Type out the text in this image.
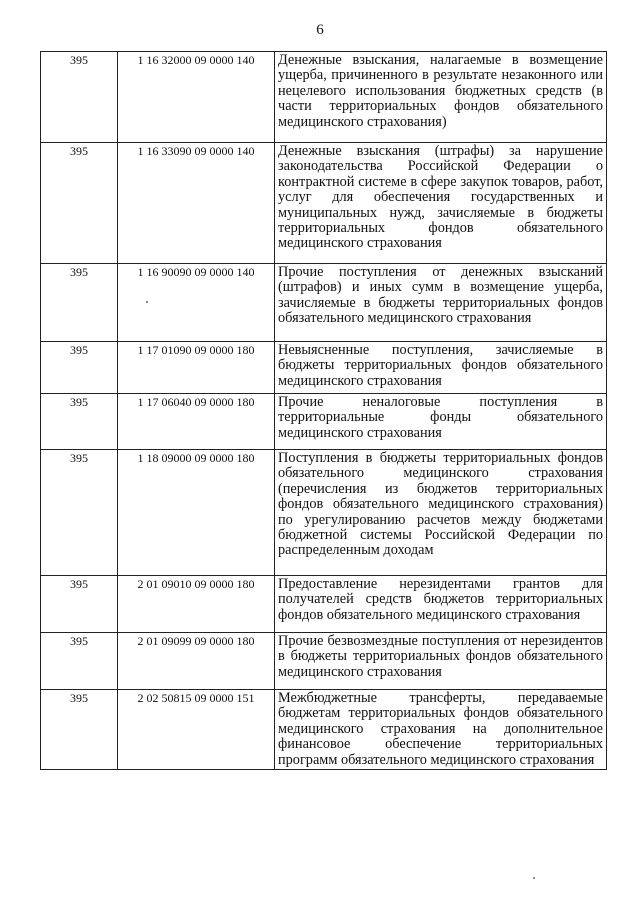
6
395	1 16 32000 09 0000 140	Денежные взыскания, налагаемые в возмещение ущерба, причиненного в результате незаконного или нецелевого использования бюджетных средств (в части территориальных фондов обязательного медицинского страхования)
395	1 16 33090 09 0000 140	Денежные взыскания (штрафы) за нарушение законодательства Российской Федерации о контрактной системе в сфере закупок товаров, работ, услуг для обеспечения государственных и муниципальных нужд, зачисляемые в бюджеты территориальных фондов обязательного медицинского страхования
395	1 16 90090 09 0000 140	Прочие поступления от денежных взысканий (штрафов) и иных сумм в возмещение ущерба, зачисляемые в бюджеты территориальных фондов обязательного медицинского страхования
395	1 17 01090 09 0000 180	Невыясненные поступления, зачисляемые в бюджеты территориальных фондов обязательного медицинского страхования
395	1 17 06040 09 0000 180	Прочие неналоговые поступления в территориальные фонды обязательного медицинского страхования
395	1 18 09000 09 0000 180	Поступления в бюджеты территориальных фондов обязательного медицинского страхования (перечисления из бюджетов территориальных фондов обязательного медицинского страхования) по урегулированию расчетов между бюджетами бюджетной системы Российской Федерации по распределенным доходам
395	2 01 09010 09 0000 180	Предоставление нерезидентами грантов для получателей средств бюджетов территориальных фондов обязательного медицинского страхования
395	2 01 09099 09 0000 180	Прочие безвозмездные поступления от нерезидентов в бюджеты территориальных фондов обязательного медицинского страхования
395	2 02 50815 09 0000 151	Межбюджетные трансферты, передаваемые бюджетам территориальных фондов обязательного медицинского страхования на дополнительное финансовое обеспечение территориальных программ обязательного медицинского страхования
